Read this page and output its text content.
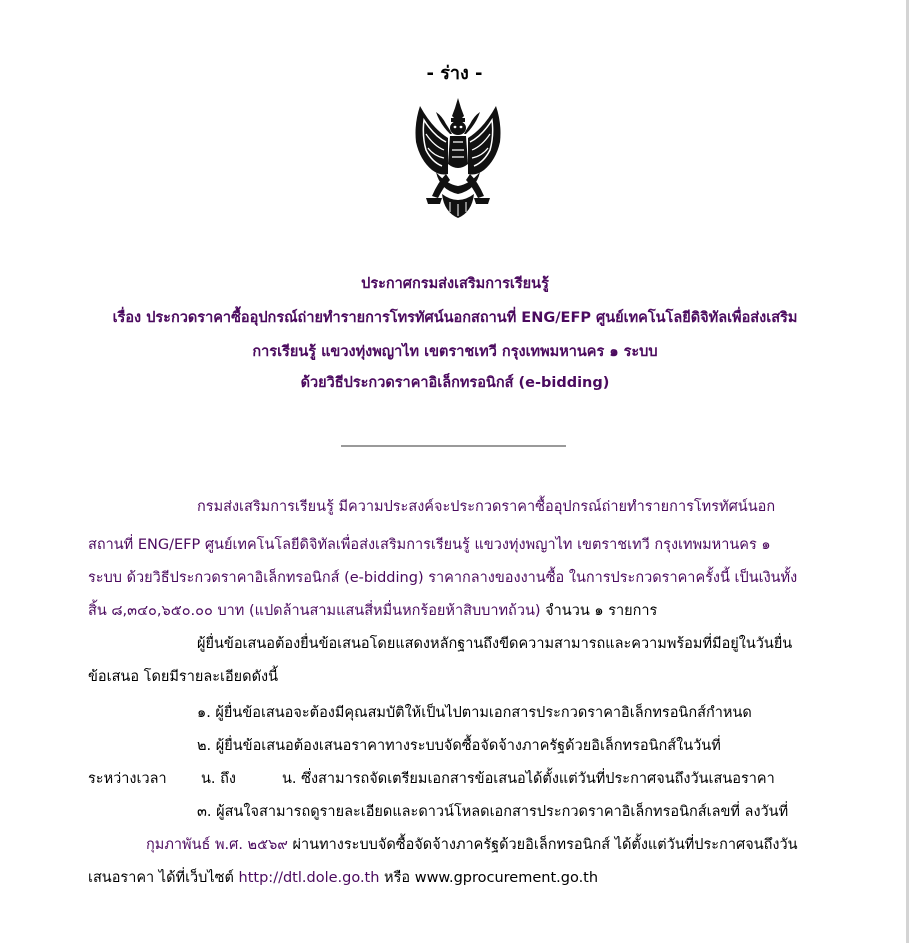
- ร่าง -
ประกาศกรมส่งเสริมการเรียนรู้
เรื่อง ประกวดราคาซื้ออุปกรณ์ถ่ายทำรายการโทรทัศน์นอกสถานที่ ENG/EFP ศูนย์เทคโนโลยีดิจิทัลเพื่อส่งเสริม
การเรียนรู้ แขวงทุ่งพญาไท เขตราชเทวี กรุงเทพมหานคร ๑ ระบบ
ด้วยวิธีประกวดราคาอิเล็กทรอนิกส์ (e-bidding)
กรมส่งเสริมการเรียนรู้ มีความประสงค์จะประกวดราคาซื้ออุปกรณ์ถ่ายทำรายการโทรทัศน์นอก
สถานที่ ENG/EFP ศูนย์เทคโนโลยีดิจิทัลเพื่อส่งเสริมการเรียนรู้ แขวงทุ่งพญาไท เขตราชเทวี กรุงเทพมหานคร ๑
ระบบ ด้วยวิธีประกวดราคาอิเล็กทรอนิกส์ (e-bidding) ราคากลางของงานซื้อ ในการประกวดราคาครั้งนี้ เป็นเงินทั้ง
สิ้น ๘,๓๔๐,๖๕๐.๐๐ บาท (แปดล้านสามแสนสี่หมื่นหกร้อยห้าสิบบาทถ้วน) จำนวน ๑ รายการ
ผู้ยื่นข้อเสนอต้องยื่นข้อเสนอโดยแสดงหลักฐานถึงขีดความสามารถและความพร้อมที่มีอยู่ในวันยื่น
ข้อเสนอ โดยมีรายละเอียดดังนี้
๑. ผู้ยื่นข้อเสนอจะต้องมีคุณสมบัติให้เป็นไปตามเอกสารประกวดราคาอิเล็กทรอนิกส์กำหนด
๒. ผู้ยื่นข้อเสนอต้องเสนอราคาทางระบบจัดซื้อจัดจ้างภาครัฐด้วยอิเล็กทรอนิกส์ในวันที่
ระหว่างเวลา น. ถึง	น. ซึ่งสามารถจัดเตรียมเอกสารข้อเสนอได้ตั้งแต่วันที่ประกาศจนถึงวันเสนอราคา
๓. ผู้สนใจสามารถดูรายละเอียดและดาวน์โหลดเอกสารประกวดราคาอิเล็กทรอนิกส์เลขที่ ลงวันที่
กุมภาพันธ์ พ.ศ. ๒๕๖๙ ผ่านทางระบบจัดซื้อจัดจ้างภาครัฐด้วยอิเล็กทรอนิกส์ ได้ตั้งแต่วันที่ประกาศจนถึงวัน
เสนอราคา ได้ที่เว็บไซต์ http://dtl.dole.go.th หรือ www.gprocurement.go.th
